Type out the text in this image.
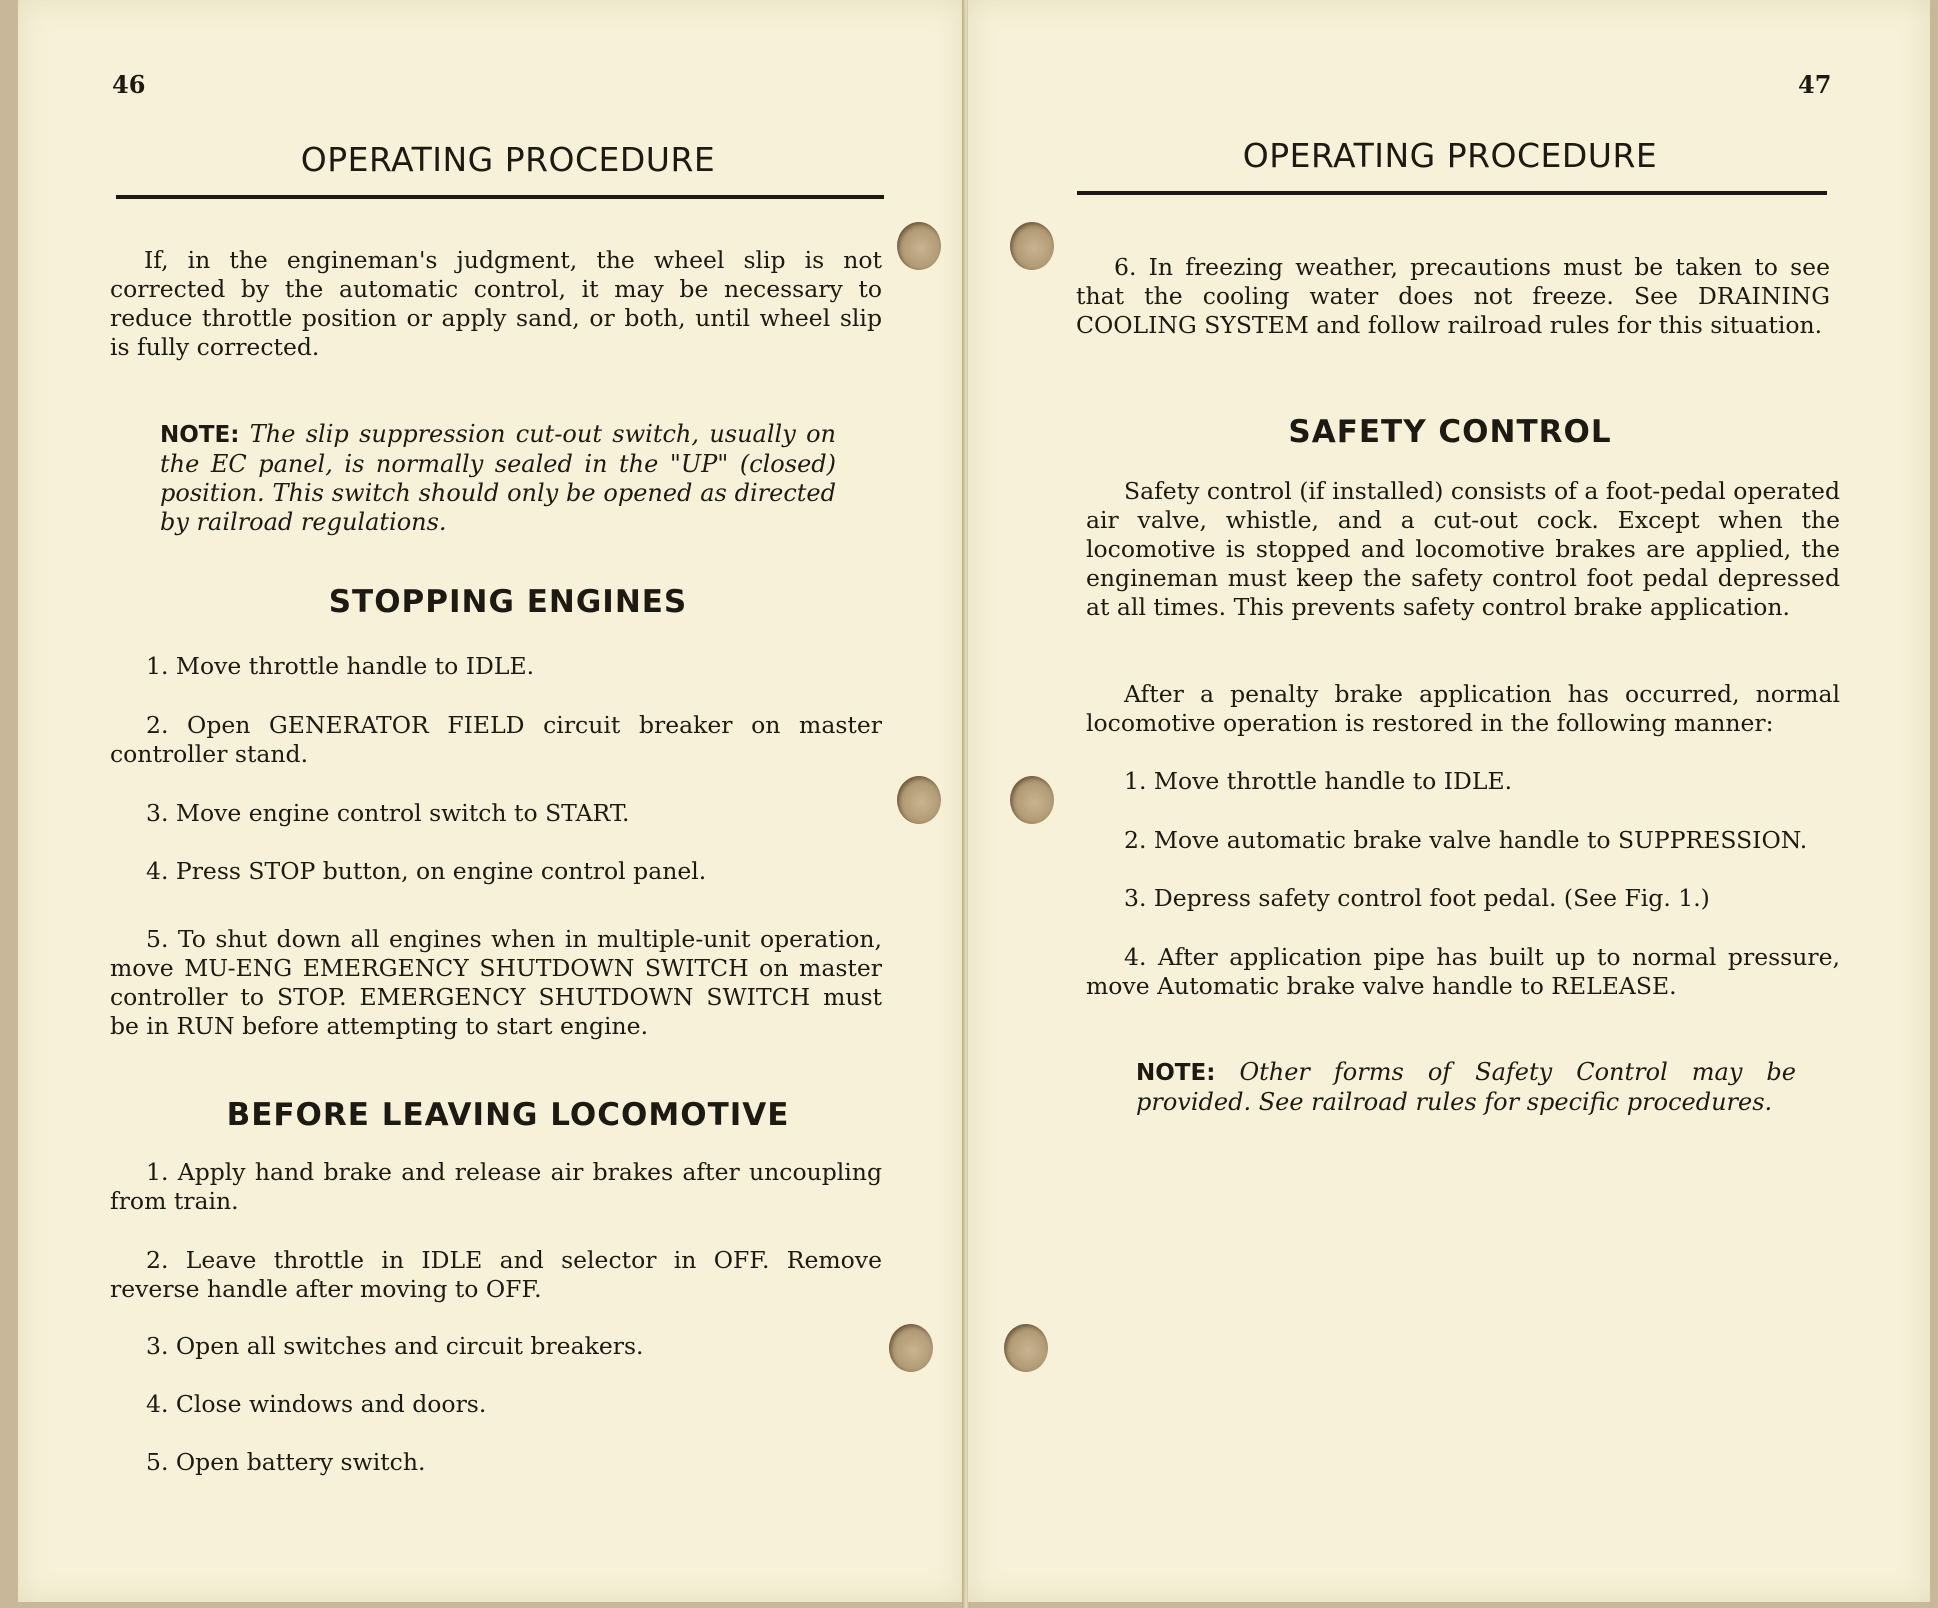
46
OPERATING PROCEDURE
If, in the engineman's judgment, the wheel slip is not corrected by the automatic control, it may be necessary to reduce throttle position or apply sand, or both, until wheel slip is fully corrected.
NOTE: The slip suppression cut-out switch, usually on the EC panel, is normally sealed in the "UP" (closed) position. This switch should only be opened as directed by railroad regulations.
STOPPING ENGINES
1. Move throttle handle to IDLE.
2. Open GENERATOR FIELD circuit breaker on master controller stand.
3. Move engine control switch to START.
4. Press STOP button, on engine control panel.
5. To shut down all engines when in multiple-unit operation, move MU-ENG EMERGENCY SHUTDOWN SWITCH on master controller to STOP. EMERGENCY SHUTDOWN SWITCH must be in RUN before attempting to start engine.
BEFORE LEAVING LOCOMOTIVE
1. Apply hand brake and release air brakes after uncoupling from train.
2. Leave throttle in IDLE and selector in OFF. Remove reverse handle after moving to OFF.
3. Open all switches and circuit breakers.
4. Close windows and doors.
5. Open battery switch.
47
OPERATING PROCEDURE
6. In freezing weather, precautions must be taken to see that the cooling water does not freeze. See DRAINING COOLING SYSTEM and follow railroad rules for this situation.
SAFETY CONTROL
Safety control (if installed) consists of a foot-pedal operated air valve, whistle, and a cut-out cock. Except when the locomotive is stopped and locomotive brakes are applied, the engineman must keep the safety control foot pedal depressed at all times. This prevents safety control brake application.
After a penalty brake application has occurred, normal locomotive operation is restored in the following manner:
1. Move throttle handle to IDLE.
2. Move automatic brake valve handle to SUPPRESSION.
3. Depress safety control foot pedal. (See Fig. 1.)
4. After application pipe has built up to normal pressure, move Automatic brake valve handle to RELEASE.
NOTE: Other forms of Safety Control may be provided. See railroad rules for specific procedures.
